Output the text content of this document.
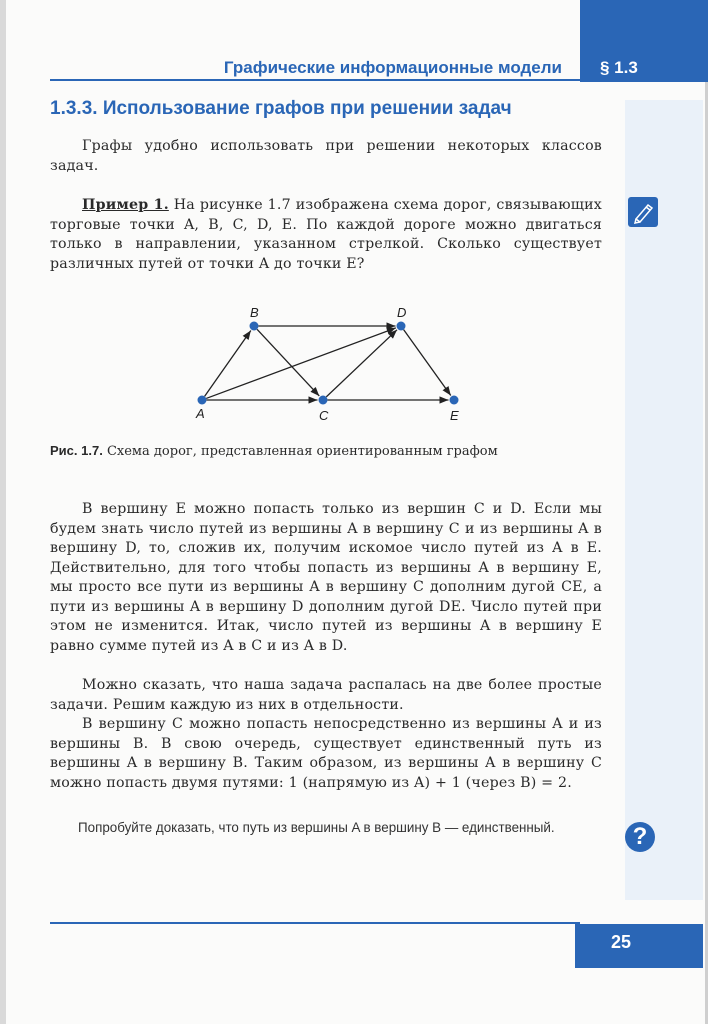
§ 1.3
Графические информационные модели
1.3.3. Использование графов при решении задач
Графы удобно использовать при решении некоторых классов задач.
Пример 1. На рисунке 1.7 изображена схема дорог, связывающих торговые точки A, B, C, D, E. По каждой дороге можно двигаться только в направлении, указанном стрелкой. Сколько существует различных путей от точки A до точки E?
A
B
C
D
E
Рис. 1.7. Схема дорог, представленная ориентированным графом
В вершину E можно попасть только из вершин C и D. Если мы будем знать число путей из вершины A в вершину С и из вершины A в вершину D, то, сложив их, получим искомое число путей из A в E. Действительно, для того чтобы попасть из вершины A в вершину E, мы просто все пути из вершины A в вершину C дополним дугой CE, а пути из вершины A в вершину D дополним дугой DE. Число путей при этом не изменится. Итак, число путей из вершины A в вершину E равно сумме путей из A в C и из A в D.
Можно сказать, что наша задача распалась на две более простые задачи. Решим каждую из них в отдельности.
В вершину C можно попасть непосредственно из вершины A и из вершины B. В свою очередь, существует единственный путь из вершины A в вершину B. Таким образом, из вершины A в вершину C можно попасть двумя путями: 1 (напрямую из A) + 1 (через B) = 2.
Попробуйте доказать, что путь из вершины A в вершину B — единственный.	?
25
